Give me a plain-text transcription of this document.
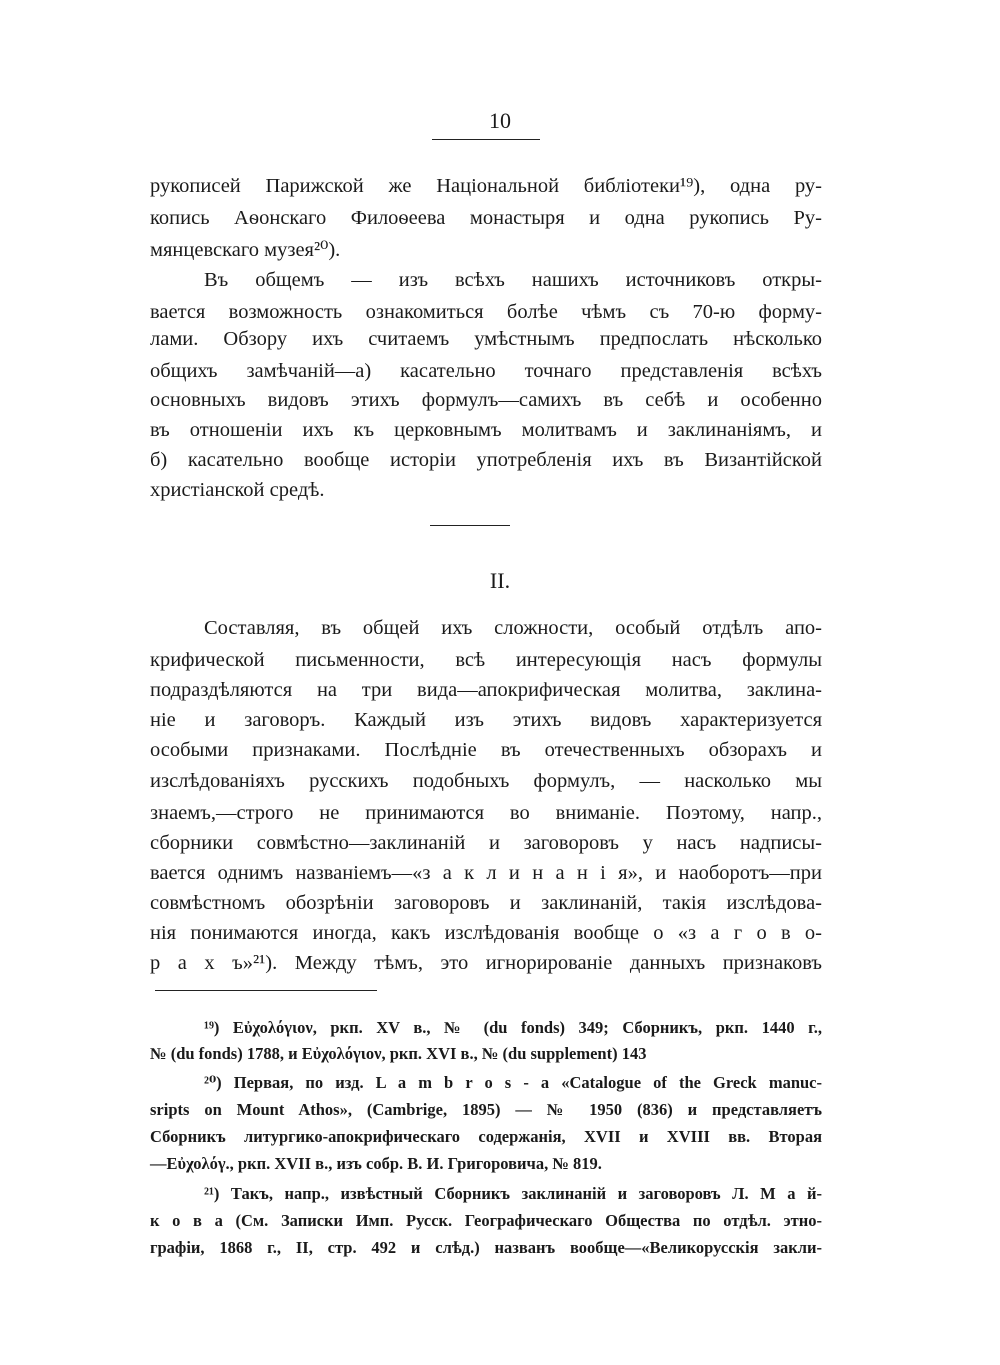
10
рукописей Парижской же Національной библіотеки¹⁹), одна ру-
копись Аѳонскаго Филоѳеева монастыря и одна рукопись Ру-
мянцевскаго музея²⁰).
Въ общемъ — изъ всѣхъ нашихъ источниковъ откры-
вается возможность ознакомиться болѣе чѣмъ съ 70-ю форму-
лами. Обзору ихъ считаемъ умѣстнымъ предпослать нѣсколько
общихъ замѣчаній—а) касательно точнаго представленія всѣхъ
основныхъ видовъ этихъ формулъ—самихъ въ себѣ и особенно
въ отношеніи ихъ къ церковнымъ молитвамъ и заклинаніямъ, и
б) касательно вообще исторіи употребленія ихъ въ Византійской
христіанской средѣ.
II.
Составляя, въ общей ихъ сложности, особый отдѣлъ апо-
крифической письменности, всѣ интересующія насъ формулы
подраздѣляются на три вида—апокрифическая молитва, заклина-
ніе и заговоръ. Каждый изъ этихъ видовъ характеризуется
особыми признаками. Послѣдніе въ отечественныхъ обзорахъ и
изслѣдованіяхъ русскихъ подобныхъ формулъ, — насколько мы
знаемъ,—строго не принимаются во вниманіе. Поэтому, напр.,
сборники совмѣстно—заклинаній и заговоровъ у насъ надписы-
вается однимъ названіемъ—«з а к л и н а н і я», и наоборотъ—при
совмѣстномъ обозрѣніи заговоровъ и заклинаній, такія изслѣдова-
нія понимаются иногда, какъ изслѣдованія вообще о «з а г о в о-
р а х ъ»²¹). Между тѣмъ, это игнорированіе данныхъ признаковъ
¹⁹) Εὐχολόγιον, ркп. XV в., № (du fonds) 349; Сборникъ, ркп. 1440 г.,
№ (du fonds) 1788, и Εὐχολόγιον, ркп. XVI в., № (du supplement) 143
²⁰) Первая, по изд. L a m b r o s - a «Catalogue of the Greck manuc-
sripts on Mount Athos», (Cambrige, 1895) — № 1950 (836) и представляетъ
Сборникъ литургико-апокрифическаго содержанія, XVII и XVIII вв. Вторая
—Εὐχολόγ., ркп. XVII в., изъ собр. В. И. Григоровича, № 819.
²¹) Такъ, напр., извѣстный Сборникъ заклинаній и заговоровъ Л. М а й-
к о в а (См. Записки Имп. Русск. Географическаго Общества по отдѣл. этно-
графіи, 1868 г., II, стр. 492 и слѣд.) названъ вообще—«Великорусскія закли-
